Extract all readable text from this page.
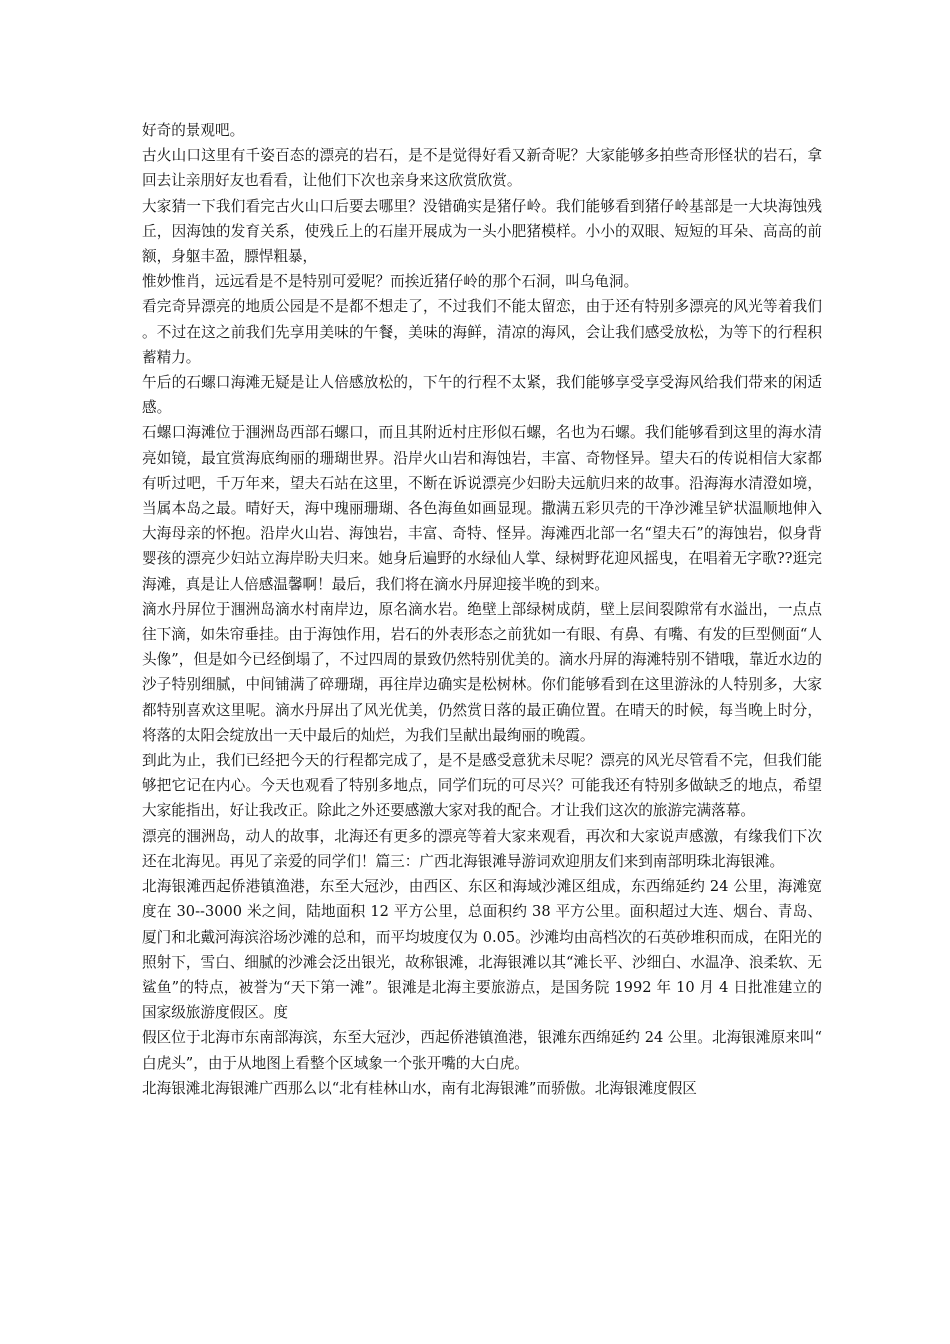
好奇的景观吧。

古火山口这里有千姿百态的漂亮的岩石，是不是觉得好看又新奇呢？大家能够多拍些奇形怪状的岩石，拿回去让亲朋好友也看看，让他们下次也亲身来这欣赏欣赏。

大家猜一下我们看完古火山口后要去哪里？没错确实是猪仔岭。我们能够看到猪仔岭基部是一大块海蚀残丘，因海蚀的发育关系，使残丘上的石崖开展成为一头小肥猪模样。小小的双眼、短短的耳朵、高高的前额，身躯丰盈，膘悍粗暴，

惟妙惟肖，远远看是不是特别可爱呢？而挨近猪仔岭的那个石洞，叫乌龟洞。

看完奇异漂亮的地质公园是不是都不想走了，不过我们不能太留恋，由于还有特别多漂亮的风光等着我们。不过在这之前我们先享用美味的午餐，美味的海鲜，清凉的海风，会让我们感受放松，为等下的行程积蓄精力。

午后的石螺口海滩无疑是让人倍感放松的，下午的行程不太紧，我们能够享受享受海风给我们带来的闲适感。

石螺口海滩位于涠洲岛西部石螺口，而且其附近村庄形似石螺，名也为石螺。我们能够看到这里的海水清亮如镜，最宜赏海底绚丽的珊瑚世界。沿岸火山岩和海蚀岩，丰富、奇物怪异。望夫石的传说相信大家都有听过吧，千万年来，望夫石站在这里，不断在诉说漂亮少妇盼夫远航归来的故事。沿海海水清澄如境，当属本岛之最。晴好天，海中瑰丽珊瑚、各色海鱼如画显现。撒满五彩贝壳的干净沙滩呈铲状温顺地伸入大海母亲的怀抱。沿岸火山岩、海蚀岩，丰富、奇特、怪异。海滩西北部一名“望夫石”的海蚀岩，似身背婴孩的漂亮少妇站立海岸盼夫归来。她身后遍野的水绿仙人掌、绿树野花迎风摇曳，在唱着无字歌??逛完海滩，真是让人倍感温馨啊！最后，我们将在滴水丹屏迎接半晚的到来。

滴水丹屏位于涠洲岛滴水村南岸边，原名滴水岩。绝壁上部绿树成荫，壁上层间裂隙常有水溢出，一点点往下滴，如朱帘垂挂。由于海蚀作用，岩石的外表形态之前犹如一有眼、有鼻、有嘴、有发的巨型侧面“人头像”，但是如今已经倒塌了，不过四周的景致仍然特别优美的。滴水丹屏的海滩特别不错哦，靠近水边的沙子特别细腻，中间铺满了碎珊瑚，再往岸边确实是松树林。你们能够看到在这里游泳的人特别多，大家都特别喜欢这里呢。滴水丹屏出了风光优美，仍然赏日落的最正确位置。在晴天的时候，每当晚上时分，将落的太阳会绽放出一天中最后的灿烂，为我们呈献出最绚丽的晚霞。

到此为止，我们已经把今天的行程都完成了，是不是感受意犹未尽呢？漂亮的风光尽管看不完，但我们能够把它记在内心。今天也观看了特别多地点，同学们玩的可尽兴？可能我还有特别多做缺乏的地点，希望大家能指出，好让我改正。除此之外还要感激大家对我的配合。才让我们这次的旅游完满落幕。

漂亮的涠洲岛，动人的故事，北海还有更多的漂亮等着大家来观看，再次和大家说声感激，有缘我们下次还在北海见。再见了亲爱的同学们！篇三：广西北海银滩导游词欢迎朋友们来到南部明珠北海银滩。

北海银滩西起侨港镇渔港，东至大冠沙，由西区、东区和海域沙滩区组成，东西绵延约 24 公里，海滩宽度在 30--3000 米之间，陆地面积 12 平方公里，总面积约 38 平方公里。面积超过大连、烟台、青岛、厦门和北戴河海滨浴场沙滩的总和，而平均坡度仅为 0.05。沙滩均由高档次的石英砂堆积而成，在阳光的照射下，雪白、细腻的沙滩会泛出银光，故称银滩，北海银滩以其“滩长平、沙细白、水温净、浪柔软、无鲨鱼”的特点，被誉为“天下第一滩”。银滩是北海主要旅游点，是国务院 1992 年 10 月 4 日批准建立的国家级旅游度假区。度

假区位于北海市东南部海滨，东至大冠沙，西起侨港镇渔港，银滩东西绵延约 24 公里。北海银滩原来叫“白虎头”，由于从地图上看整个区域象一个张开嘴的大白虎。

北海银滩北海银滩广西那么以“北有桂林山水，南有北海银滩”而骄傲。北海银滩度假区
